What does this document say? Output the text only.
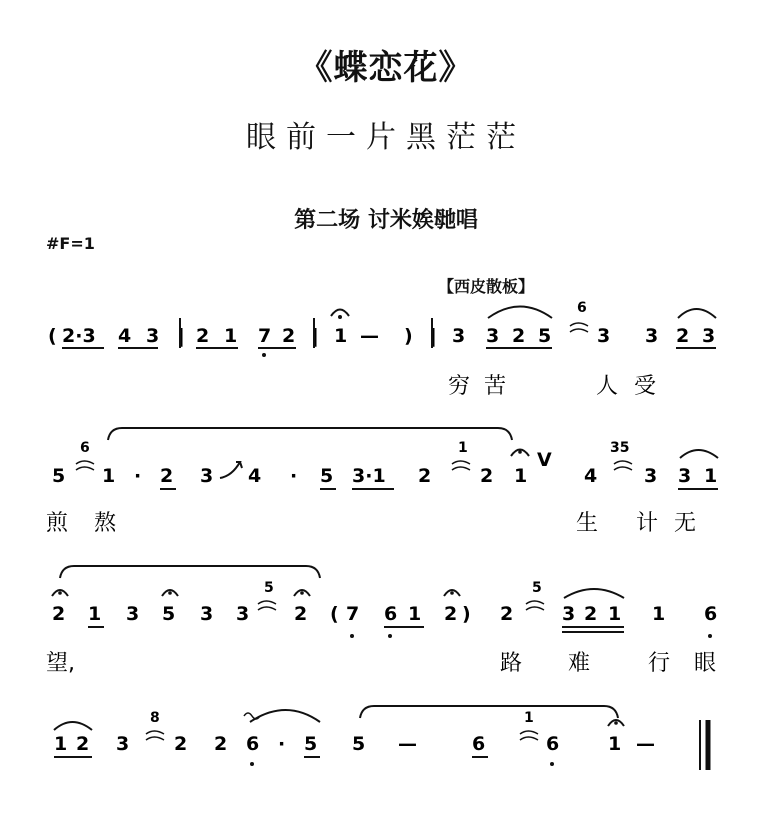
《蝶恋花》
眼前一片黑茫茫
第二场 讨米娭毑唱
#F=1
【西皮散板】
( 2·3 4 3 | 2 1 7 2 | 1 — ) | 3 3 2 5
6
3 3 2 3
穷 苦	人 受
6
5 1 · 2 3 4 · 5 3·1 2
1
2 1
V
35
4 3 3 1
煎 熬	生 计 无
2 1 3 5 3 3
5
2 ( 7 6 1 2 ) 2
5
3 2 1 1 6
望,	路 难	行 眼
1 2 3
8
2 2 6 · 5 5 —	6
1
6	1 —
